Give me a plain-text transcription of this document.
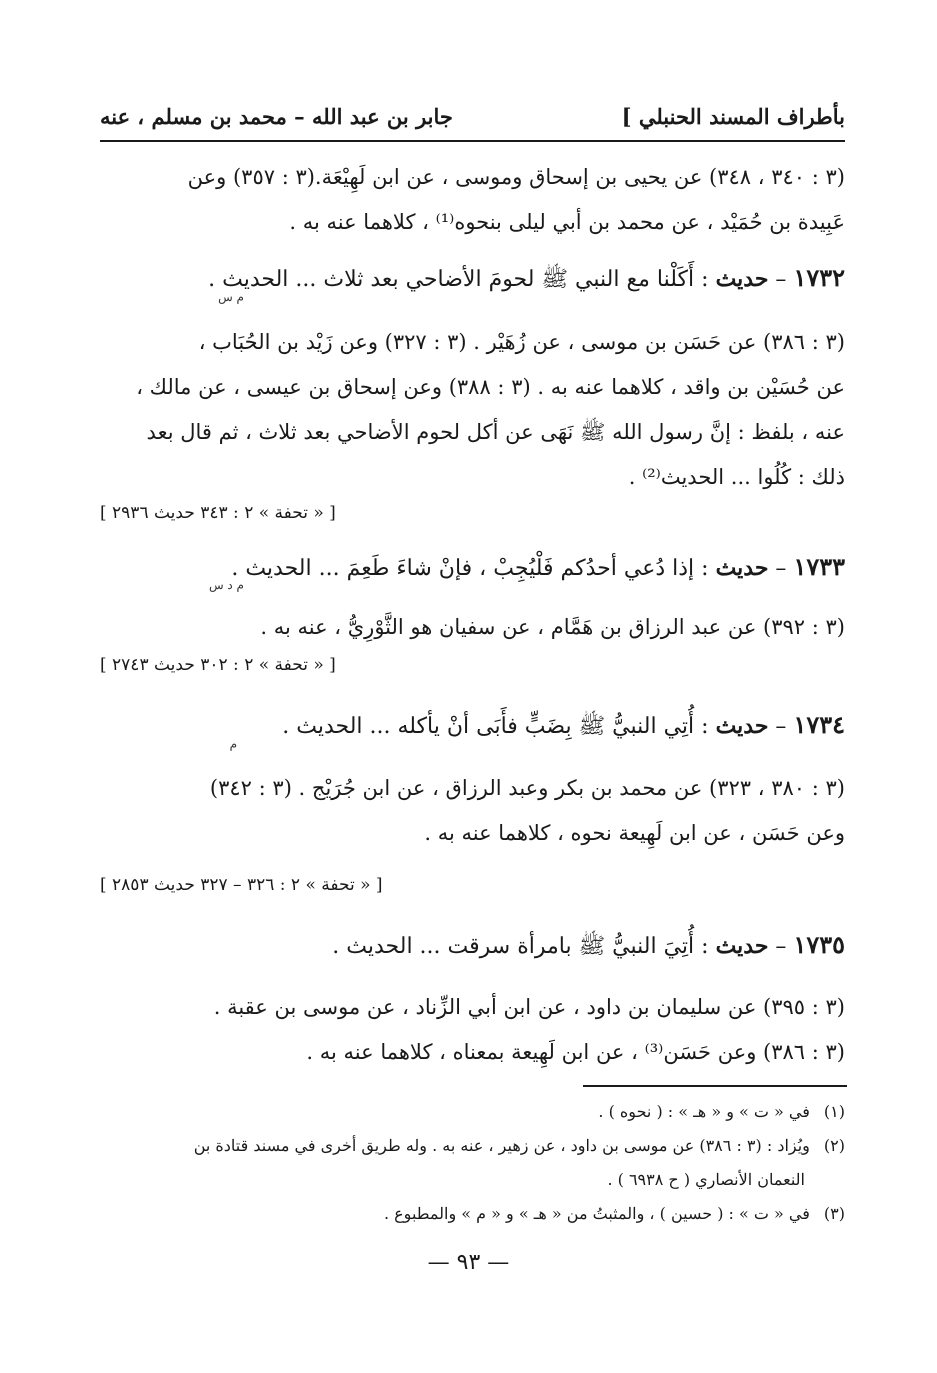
بأطراف المسند الحنبلي ]
جابر بن عبد الله – محمد بن مسلم ، عنه
(٣ : ٣٤٠ ، ٣٤٨) عن يحيى بن إسحاق وموسى ، عن ابن لَهِيْعَة.(٣ : ٣٥٧) وعن
عَبِيدة بن حُمَيْد ، عن محمد بن أبي ليلى بنحوه⁽¹⁾ ، كلاهما عنه به .
١٧٣٢ – حديث : أَكَلْنا مع النبي ﷺ لحومَ الأضاحي بعد ثلاث ... الحديث .
م س
(٣ : ٣٨٦) عن حَسَن بن موسى ، عن زُهَيْر . (٣ : ٣٢٧) وعن زَيْد بن الحُبَاب ،
عن حُسَيْن بن واقد ، كلاهما عنه به . (٣ : ٣٨٨) وعن إسحاق بن عيسى ، عن مالك ،
عنه ، بلفظ : إنَّ رسول الله ﷺ نَهَى عن أكل لحوم الأضاحي بعد ثلاث ، ثم قال بعد
ذلك : كُلُوا ... الحديث⁽²⁾ .
[ « تحفة » ٢ : ٣٤٣ حديث ٢٩٣٦ ]
١٧٣٣ – حديث : إذا دُعي أحدُكم فَلْيُجِبْ ، فإنْ شاءَ طَعِمَ ... الحديث .
م د س
(٣ : ٣٩٢) عن عبد الرزاق بن هَمَّام ، عن سفيان هو الثَّوْرِيُّ ، عنه به .
[ « تحفة » ٢ : ٣٠٢ حديث ٢٧٤٣ ]
١٧٣٤ – حديث : أُتِي النبيُّ ﷺ بِضَبٍّ فأَبَى أنْ يأكله ... الحديث .
م
(٣ : ٣٨٠ ، ٣٢٣) عن محمد بن بكر وعبد الرزاق ، عن ابن جُرَيْج . (٣ : ٣٤٢)
وعن حَسَن ، عن ابن لَهِيعة نحوه ، كلاهما عنه به .
[ « تحفة » ٢ : ٣٢٦ – ٣٢٧ حديث ٢٨٥٣ ]
١٧٣٥ – حديث : أُتِيَ النبيُّ ﷺ بامرأة سرقت ... الحديث .
(٣ : ٣٩٥) عن سليمان بن داود ، عن ابن أبي الزِّناد ، عن موسى بن عقبة .
(٣ : ٣٨٦) وعن حَسَن⁽³⁾ ، عن ابن لَهِيعة بمعناه ، كلاهما عنه به .
(١)في « ت » و « هـ » : ( نحوه ) .
(٢)ويُزاد : (٣ : ٣٨٦) عن موسى بن داود ، عن زهير ، عنه به . وله طريق أخرى في مسند قتادة بن
النعمان الأنصاري ( ح ٦٩٣٨ ) .
(٣)في « ت » : ( حسين ) ، والمثبتُ من « هـ » و « م » والمطبوع .
— ٩٣ —
